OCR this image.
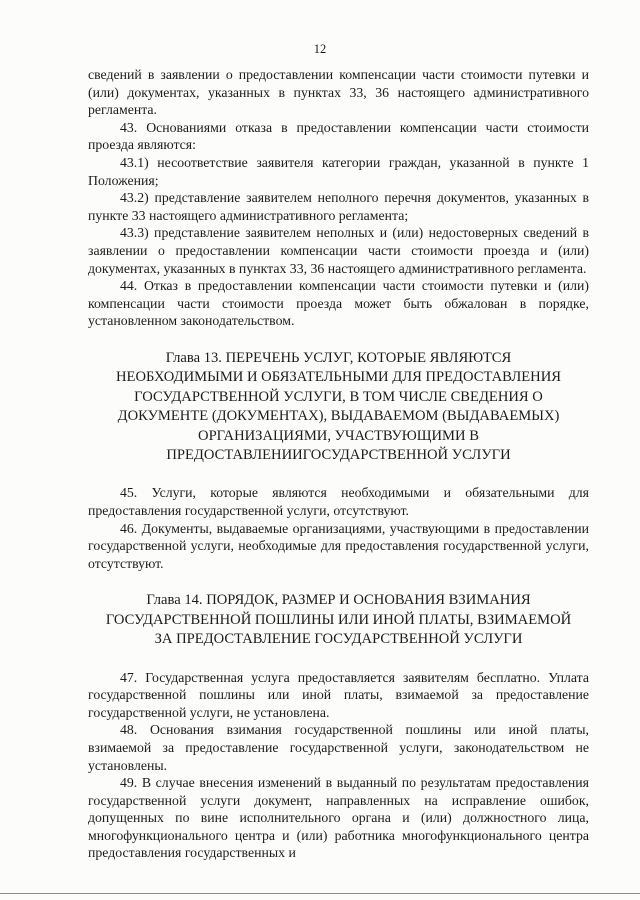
12

сведений в заявлении о предоставлении компенсации части стоимости путевки и (или) документах, указанных в пунктах 33, 36 настоящего административного регламента.

43. Основаниями отказа в предоставлении компенсации части стоимости проезда являются:

43.1) несоответствие заявителя категории граждан, указанной в пункте 1 Положения;

43.2) представление заявителем неполного перечня документов, указанных в пункте 33 настоящего административного регламента;

43.3) представление заявителем неполных и (или) недостоверных сведений в заявлении о предоставлении компенсации части стоимости проезда и (или) документах, указанных в пунктах 33, 36 настоящего административного регламента.

44. Отказ в предоставлении компенсации части стоимости путевки и (или) компенсации части стоимости проезда может быть обжалован в порядке, установленном законодательством.

Глава 13. ПЕРЕЧЕНЬ УСЛУГ, КОТОРЫЕ ЯВЛЯЮТСЯ

НЕОБХОДИМЫМИ И ОБЯЗАТЕЛЬНЫМИ ДЛЯ ПРЕДОСТАВЛЕНИЯ

ГОСУДАРСТВЕННОЙ УСЛУГИ, В ТОМ ЧИСЛЕ СВЕДЕНИЯ О

ДОКУМЕНТЕ (ДОКУМЕНТАХ), ВЫДАВАЕМОМ (ВЫДАВАЕМЫХ)

ОРГАНИЗАЦИЯМИ, УЧАСТВУЮЩИМИ В

ПРЕДОСТАВЛЕНИИГОСУДАРСТВЕННОЙ УСЛУГИ

45. Услуги, которые являются необходимыми и обязательными для предоставления государственной услуги, отсутствуют.

46. Документы, выдаваемые организациями, участвующими в предоставлении государственной услуги, необходимые для предоставления государственной услуги, отсутствуют.

Глава 14. ПОРЯДОК, РАЗМЕР И ОСНОВАНИЯ ВЗИМАНИЯ

ГОСУДАРСТВЕННОЙ ПОШЛИНЫ ИЛИ ИНОЙ ПЛАТЫ, ВЗИМАЕМОЙ

ЗА ПРЕДОСТАВЛЕНИЕ ГОСУДАРСТВЕННОЙ УСЛУГИ

47. Государственная услуга предоставляется заявителям бесплатно. Уплата государственной пошлины или иной платы, взимаемой за предоставление государственной услуги, не установлена.

48. Основания взимания государственной пошлины или иной платы, взимаемой за предоставление государственной услуги, законодательством не установлены.

49. В случае внесения изменений в выданный по результатам предоставления государственной услуги документ, направленных на исправление ошибок, допущенных по вине исполнительного органа и (или) должностного лица, многофункционального центра и (или) работника многофункционального центра предоставления государственных и
